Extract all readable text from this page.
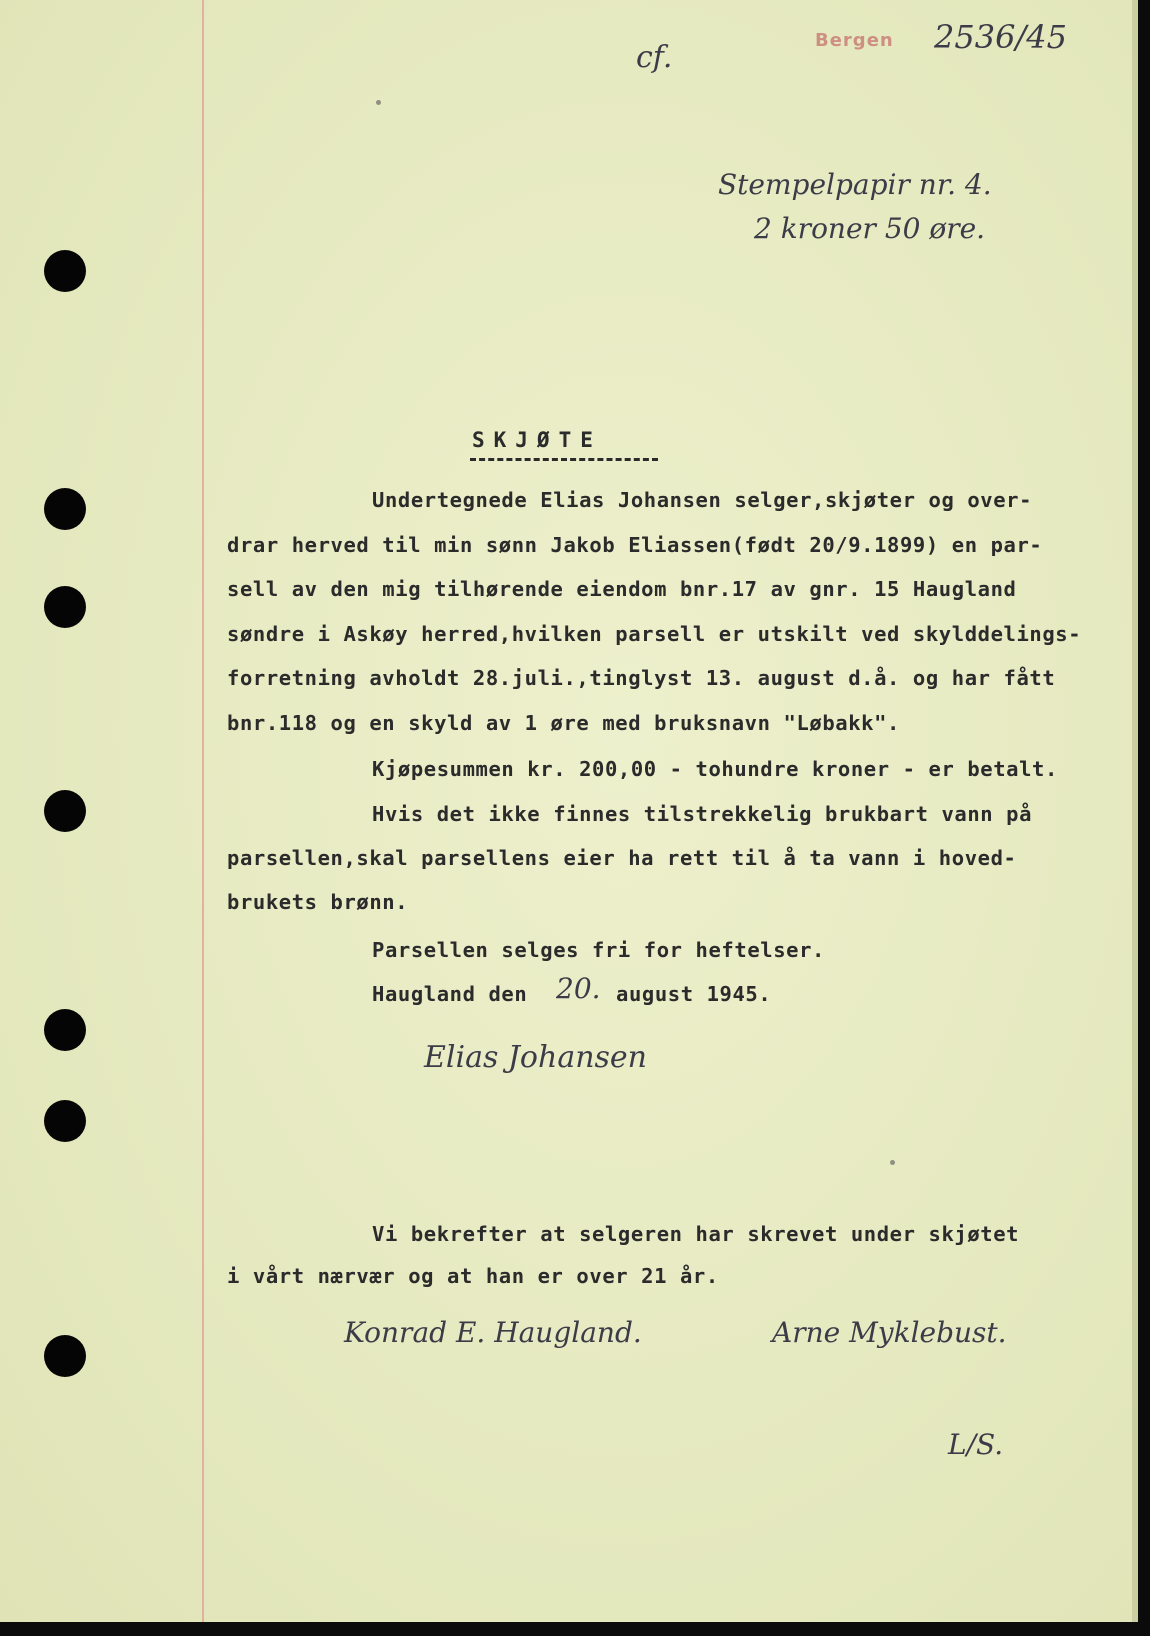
Bergen 2536/45
cf.
Stempelpapir nr. 4.
2 kroner 50 øre.
SKJØTE
Undertegnede Elias Johansen selger,skjøter og over-
drar herved til min sønn Jakob Eliassen(født 20/9.1899) en par-
sell av den mig tilhørende eiendom bnr.17 av gnr. 15 Haugland
søndre i Askøy herred,hvilken parsell er utskilt ved skylddelings-
forretning avholdt 28.juli.,tinglyst 13. august d.å. og har fått
bnr.118 og en skyld av 1 øre med bruksnavn "Løbakk".
Kjøpesummen kr. 200,00 - tohundre kroner - er betalt.
Hvis det ikke finnes tilstrekkelig brukbart vann på
parsellen,skal parsellens eier ha rett til å ta vann i hoved-
brukets brønn.
Parsellen selges fri for heftelser.
Haugland den 20. august 1945.
Elias Johansen
Vi bekrefter at selgeren har skrevet under skjøtet
i vårt nærvær og at han er over 21 år.
Konrad E. Haugland.	Arne Myklebust.
L/S.
